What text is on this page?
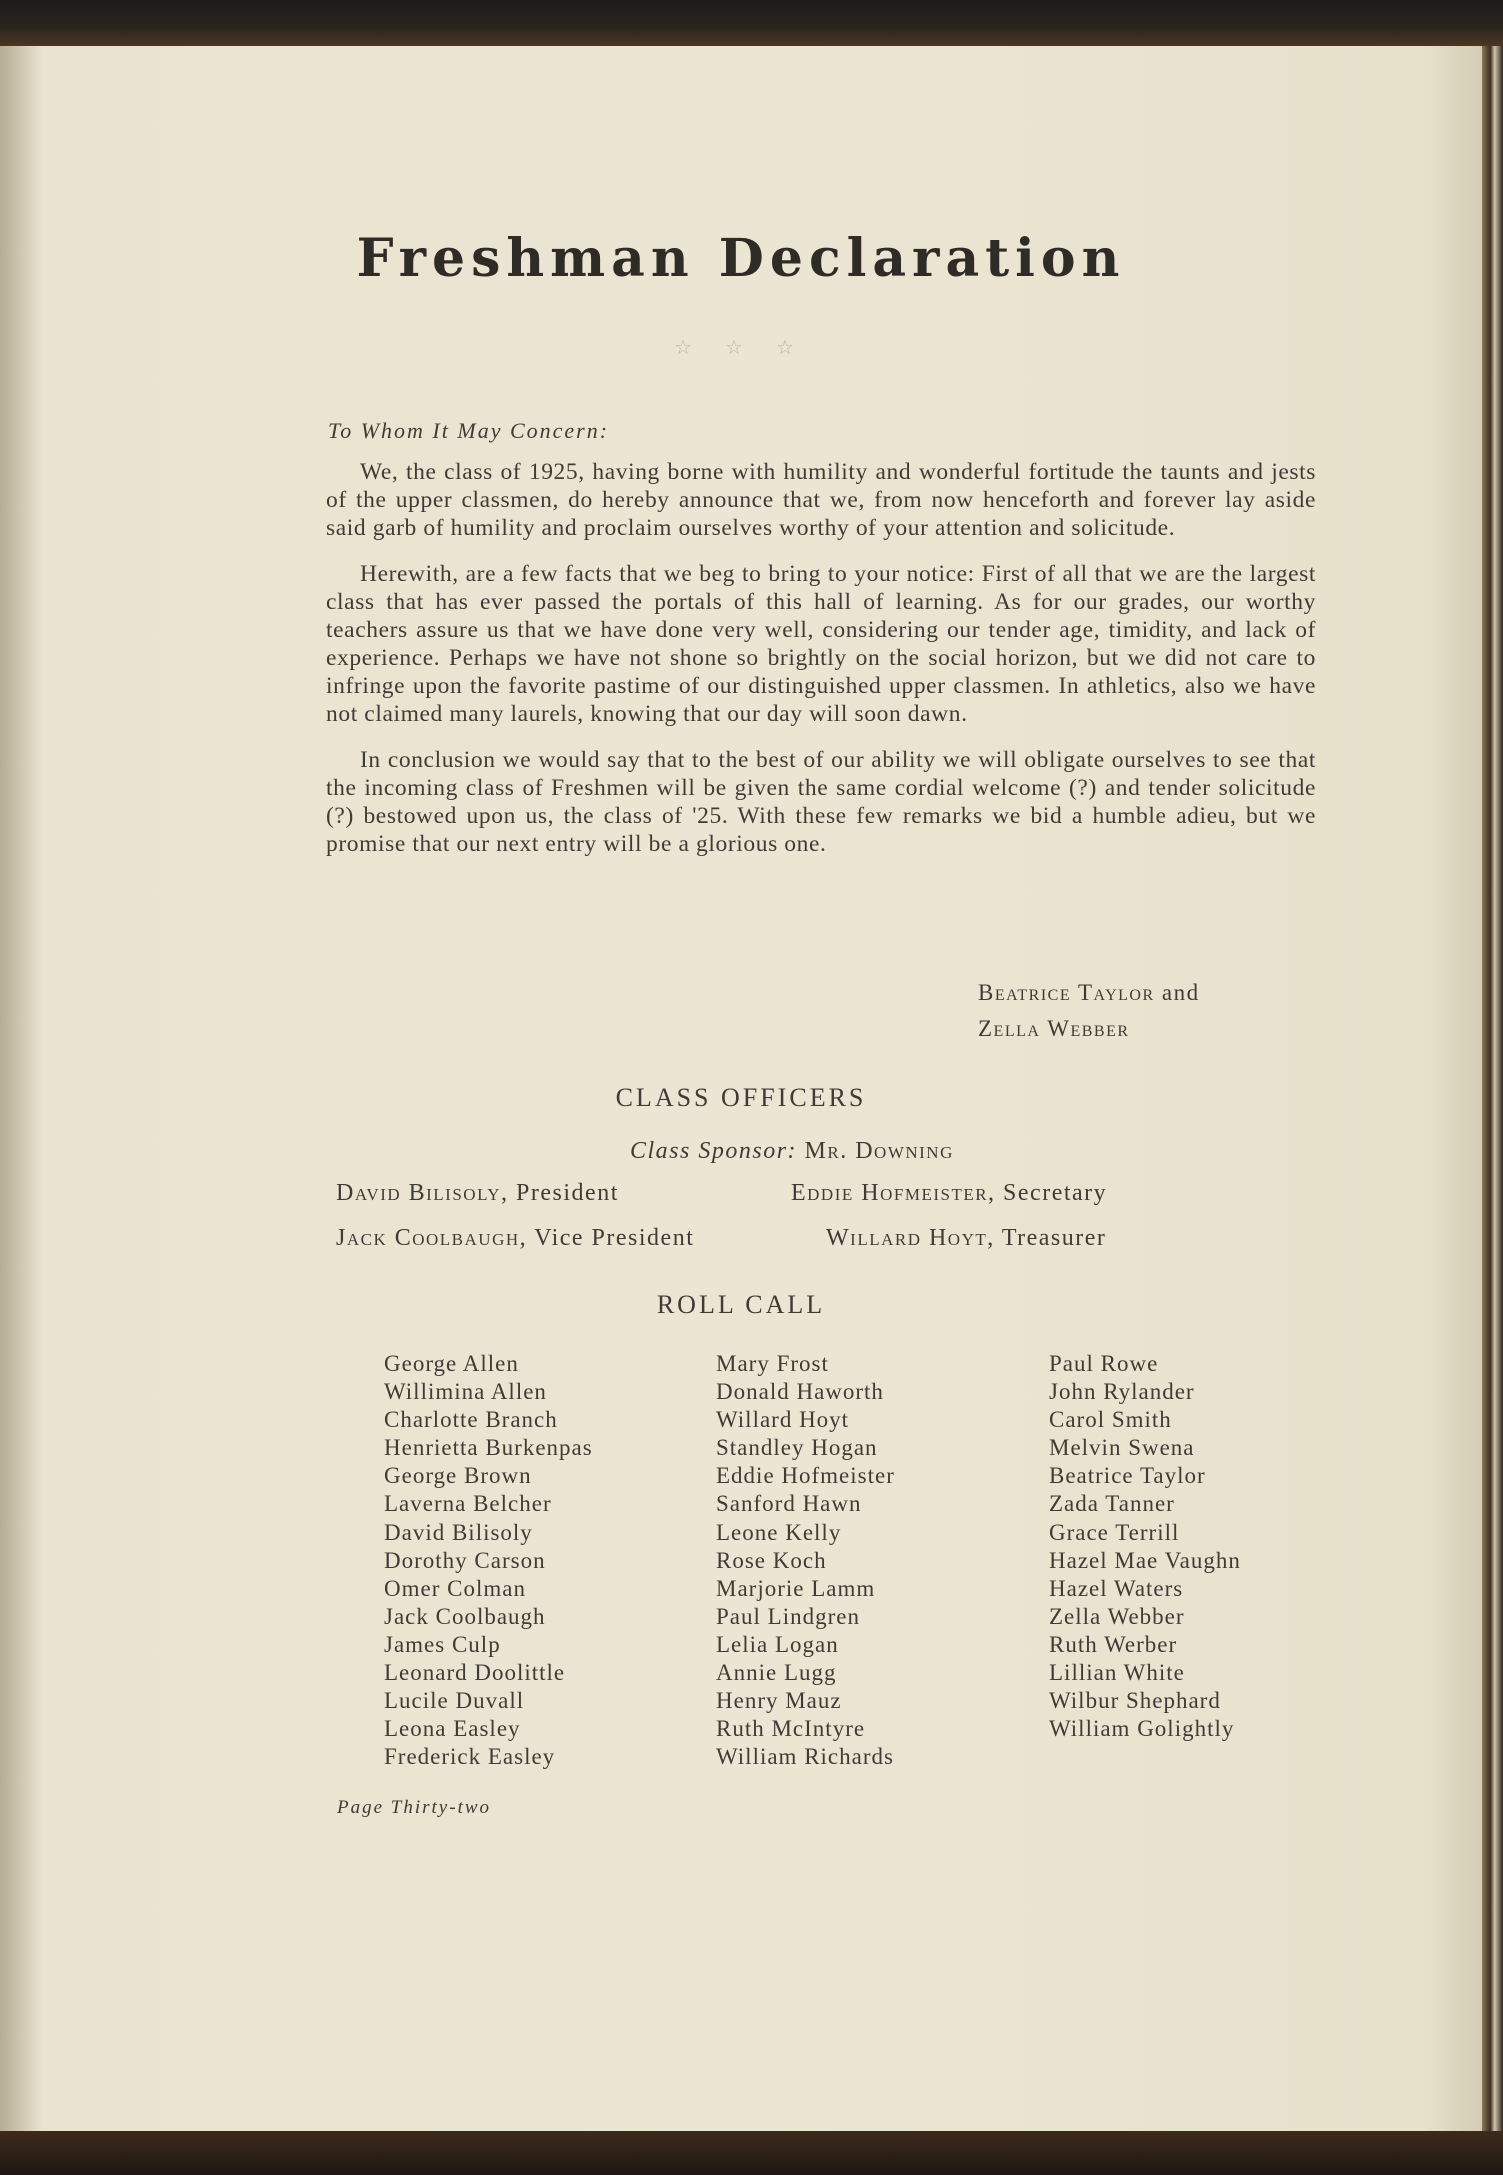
Freshman Declaration
☆ ☆ ☆
To Whom It May Concern:

We, the class of 1925, having borne with humility and wonderful fortitude the taunts and jests of the upper classmen, do hereby announce that we, from now henceforth and forever lay aside said garb of humility and proclaim ourselves worthy of your attention and solicitude.

Herewith, are a few facts that we beg to bring to your notice: First of all that we are the largest class that has ever passed the portals of this hall of learning. As for our grades, our worthy teachers assure us that we have done very well, considering our tender age, timidity, and lack of experience. Perhaps we have not shone so brightly on the social horizon, but we did not care to infringe upon the favorite pastime of our distinguished upper classmen. In athletics, also we have not claimed many laurels, knowing that our day will soon dawn.

In conclusion we would say that to the best of our ability we will obligate ourselves to see that the incoming class of Freshmen will be given the same cordial welcome (?) and tender solicitude (?) bestowed upon us, the class of '25. With these few remarks we bid a humble adieu, but we promise that our next entry will be a glorious one.

Beatrice Taylor and
Zella Webber
CLASS OFFICERS
Class Sponsor: Mr. Downing
David Bilisoly, President	Eddie Hofmeister, Secretary
Jack Coolbaugh, Vice President	Willard Hoyt, Treasurer
ROLL CALL
George Allen
Willimina Allen
Charlotte Branch
Henrietta Burkenpas
George Brown
Laverna Belcher
David Bilisoly
Dorothy Carson
Omer Colman
Jack Coolbaugh
James Culp
Leonard Doolittle
Lucile Duvall
Leona Easley
Frederick Easley
Mary Frost
Donald Haworth
Willard Hoyt
Standley Hogan
Eddie Hofmeister
Sanford Hawn
Leone Kelly
Rose Koch
Marjorie Lamm
Paul Lindgren
Lelia Logan
Annie Lugg
Henry Mauz
Ruth McIntyre
William Richards
Paul Rowe
John Rylander
Carol Smith
Melvin Swena
Beatrice Taylor
Zada Tanner
Grace Terrill
Hazel Mae Vaughn
Hazel Waters
Zella Webber
Ruth Werber
Lillian White
Wilbur Shephard
William Golightly
Page Thirty-two
